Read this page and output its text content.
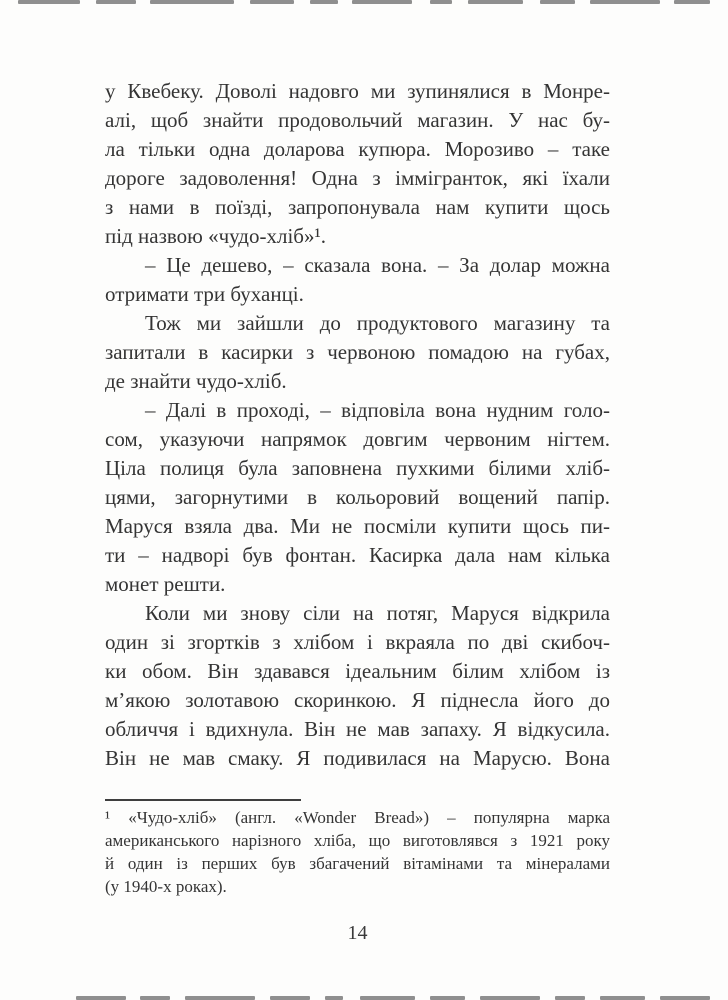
у Квебеку. Доволі надовго ми зупинялися в Монре-
алі, щоб знайти продовольчий магазин. У нас бу-
ла тільки одна доларова купюра. Морозиво – таке
дороге задоволення! Одна з іммігранток, які їхали
з нами в поїзді, запропонувала нам купити щось
під назвою «чудо-хліб»¹.
– Це дешево, – сказала вона. – За долар можна
отримати три буханці.
Тож ми зайшли до продуктового магазину та
запитали в касирки з червоною помадою на губах,
де знайти чудо-хліб.
– Далі в проході, – відповіла вона нудним голо-
сом, указуючи напрямок довгим червоним нігтем.
Ціла полиця була заповнена пухкими білими хліб-
цями, загорнутими в кольоровий вощений папір.
Маруся взяла два. Ми не посміли купити щось пи-
ти – надворі був фонтан. Касирка дала нам кілька
монет решти.
Коли ми знову сіли на потяг, Маруся відкрила
один зі згортків з хлібом і вкраяла по дві скибоч-
ки обом. Він здавався ідеальним білим хлібом із
м’якою золотавою скоринкою. Я піднесла його до
обличчя і вдихнула. Він не мав запаху. Я відкусила.
Він не мав смаку. Я подивилася на Марусю. Вона
¹ «Чудо-хліб» (англ. «Wonder Bread») – популярна марка
американського нарізного хліба, що виготовлявся з 1921 року
й один із перших був збагачений вітамінами та мінералами
(у 1940-х роках).
14
